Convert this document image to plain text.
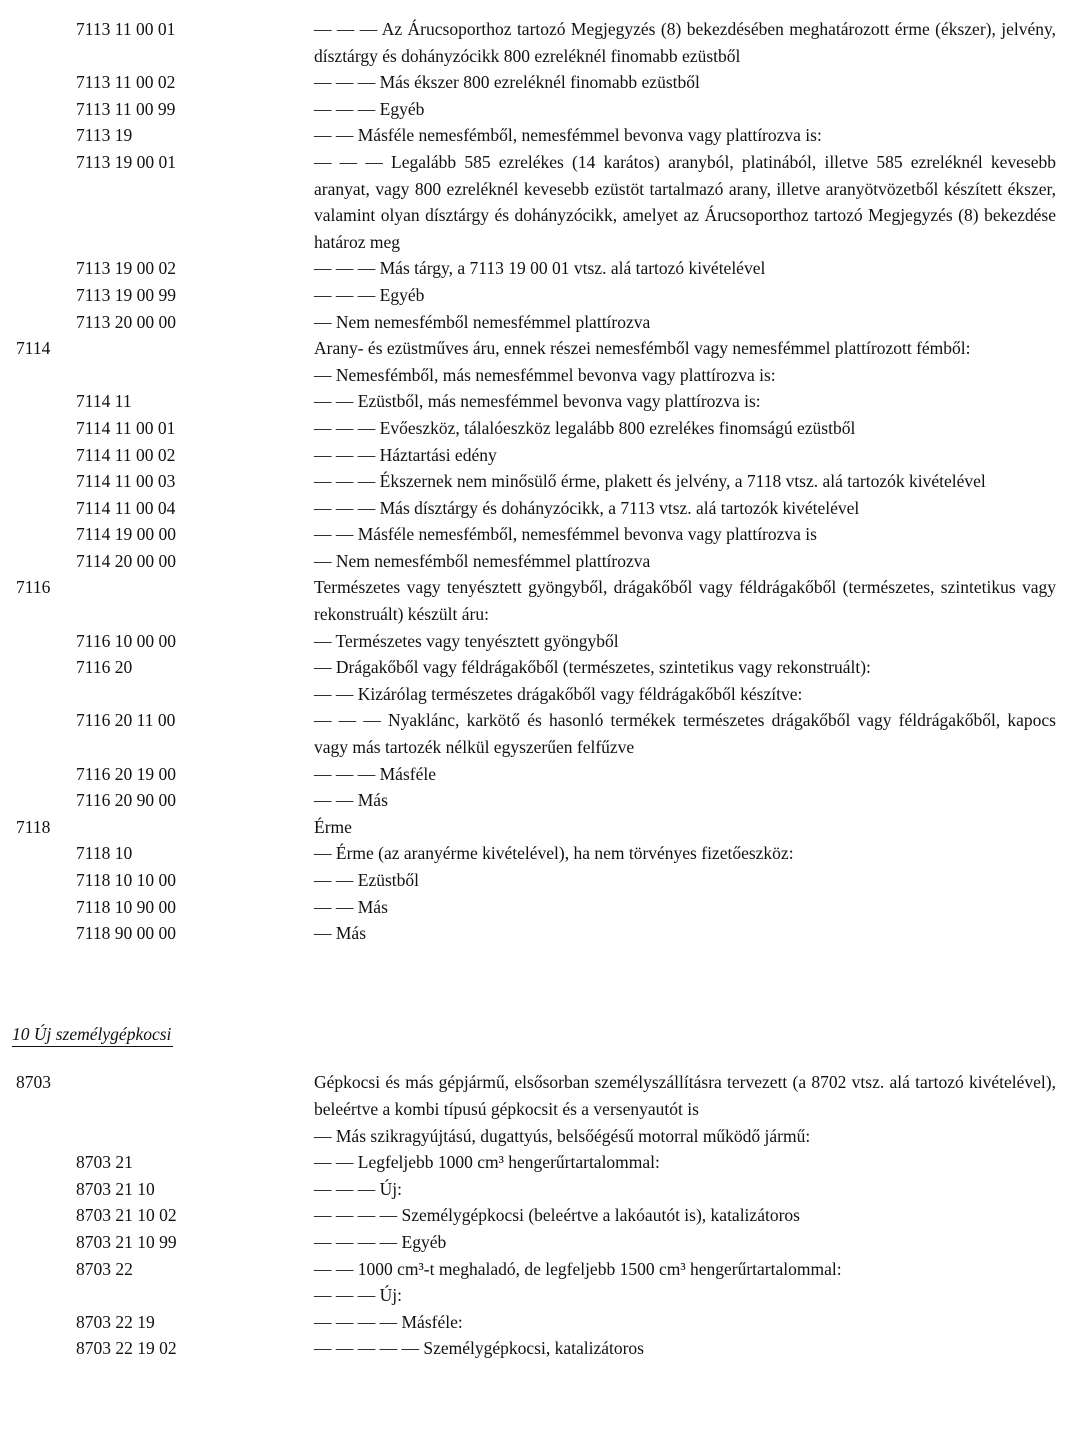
7113 11 00 01	— — — Az Árucsoporthoz tartozó Megjegyzés (8) bekezdésében meghatározott érme (ékszer), jelvény, dísztárgy és dohányzócikk 800 ezreléknél finomabb ezüstből
7113 11 00 02	— — — Más ékszer 800 ezreléknél finomabb ezüstből
7113 11 00 99	— — — Egyéb
7113 19	— — Másféle nemesfémből, nemesfémmel bevonva vagy plattírozva is:
7113 19 00 01	— — — Legalább 585 ezrelékes (14 karátos) aranyból, platinából, illetve 585 ezreléknél kevesebb aranyat, vagy 800 ezreléknél kevesebb ezüstöt tartalmazó arany, illetve aranyötvözetből készített ékszer, valamint olyan dísztárgy és dohányzócikk, amelyet az Árucsoporthoz tartozó Megjegyzés (8) bekezdése határoz meg
7113 19 00 02	— — — Más tárgy, a 7113 19 00 01 vtsz. alá tartozó kivételével
7113 19 00 99	— — — Egyéb
7113 20 00 00	— Nem nemesfémből nemesfémmel plattírozva
7114	Arany- és ezüstműves áru, ennek részei nemesfémből vagy nemesfémmel plattírozott fémből:
— Nemesfémből, más nemesfémmel bevonva vagy plattírozva is:
7114 11	— — Ezüstből, más nemesfémmel bevonva vagy plattírozva is:
7114 11 00 01	— — — Evőeszköz, tálalóeszköz legalább 800 ezrelékes finomságú ezüstből
7114 11 00 02	— — — Háztartási edény
7114 11 00 03	— — — Ékszernek nem minősülő érme, plakett és jelvény, a 7118 vtsz. alá tartozók kivételével
7114 11 00 04	— — — Más dísztárgy és dohányzócikk, a 7113 vtsz. alá tartozók kivételével
7114 19 00 00	— — Másféle nemesfémből, nemesfémmel bevonva vagy plattírozva is
7114 20 00 00	— Nem nemesfémből nemesfémmel plattírozva
7116	Természetes vagy tenyésztett gyöngyből, drágakőből vagy féldrágakőből (természetes, szintetikus vagy rekonstruált) készült áru:
7116 10 00 00	— Természetes vagy tenyésztett gyöngyből
7116 20	— Drágakőből vagy féldrágakőből (természetes, szintetikus vagy rekonstruált):
— — Kizárólag természetes drágakőből vagy féldrágakőből készítve:
7116 20 11 00	— — — Nyaklánc, karkötő és hasonló termékek természetes drágakőből vagy féldrágakőből, kapocs vagy más tartozék nélkül egyszerűen felfűzve
7116 20 19 00	— — — Másféle
7116 20 90 00	— — Más
7118	Érme
7118 10	— Érme (az aranyérme kivételével), ha nem törvényes fizetőeszköz:
7118 10 10 00	— — Ezüstből
7118 10 90 00	— — Más
7118 90 00 00	— Más
10 Új személygépkocsi
8703	Gépkocsi és más gépjármű, elsősorban személyszállításra tervezett (a 8702 vtsz. alá tartozó kivételével), beleértve a kombi típusú gépkocsit és a versenyautót is
— Más szikragyújtású, dugattyús, belsőégésű motorral működő jármű:
8703 21	— — Legfeljebb 1000 cm³ hengerűrtartalommal:
8703 21 10	— — — Új:
8703 21 10 02	— — — — Személygépkocsi (beleértve a lakóautót is), katalizátoros
8703 21 10 99	— — — — Egyéb
8703 22	— — 1000 cm³-t meghaladó, de legfeljebb 1500 cm³ hengerűrtartalommal:
— — — Új:
8703 22 19	— — — — Másféle:
8703 22 19 02	— — — — — Személygépkocsi, katalizátoros
